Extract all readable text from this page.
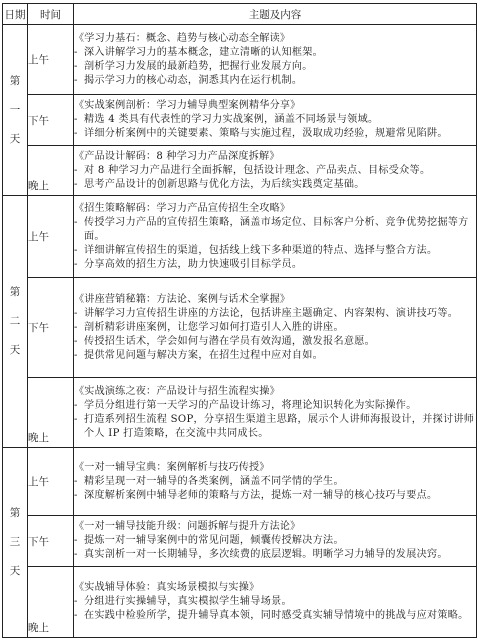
日期	时间	主题及内容

第
一
天	上午	《学习力基石：概念、趋势与核心动态全解读》
- 深入讲解学习力的基本概念，建立清晰的认知框架。
- 剖析学习力发展的最新趋势，把握行业发展方向。
- 揭示学习力的核心动态，洞悉其内在运行机制。

	下午	《实战案例剖析：学习力辅导典型案例精华分享》
- 精选 4 类具有代表性的学习力实战案例，涵盖不同场景与领域。
- 详细分析案例中的关键要素、策略与实施过程，汲取成功经验，规避常见陷阱。

	晚上	《产品设计解码：8 种学习力产品深度拆解》
- 对 8 种学习力产品进行全面拆解，包括设计理念、产品卖点、目标受众等。
- 思考产品设计的创新思路与优化方法，为后续实践奠定基础。

第
二
天	上午	《招生策略解码：学习力产品宣传招生全攻略》
- 传授学习力产品的宣传招生策略，涵盖市场定位、目标客户分析、竞争优势挖掘等方面。
- 详细讲解宣传招生的渠道，包括线上线下多种渠道的特点、选择与整合方法。
- 分享高效的招生方法，助力快速吸引目标学员。

	下午	《讲座营销秘籍：方法论、案例与话术全掌握》
- 讲解学习力宣传招生讲座的方法论，包括讲座主题确定、内容架构、演讲技巧等。
- 剖析精彩讲座案例，让您学习如何打造引人入胜的讲座。
- 传授招生话术，学会如何与潜在学员有效沟通，激发报名意愿。
- 提供常见问题与解决方案，在招生过程中应对自如。

	晚上	《实战演练之夜：产品设计与招生流程实操》
- 学员分组进行第一天学习的产品设计练习，将理论知识转化为实际操作。
- 打造系列招生流程 SOP，分享招生渠道主思路，展示个人讲师海报设计，并探讨讲师个人 IP 打造策略，在交流中共同成长。

第
三
天	上午	《一对一辅导宝典：案例解析与技巧传授》
- 精彩呈现一对一辅导的各类案例，涵盖不同学情的学生。
- 深度解析案例中辅导老师的策略与方法，提炼一对一辅导的核心技巧与要点。

	下午	《一对一辅导技能升级：问题拆解与提升方法论》
- 提炼一对一辅导案例中的常见问题，倾囊传授解决方法。
- 真实剖析一对一长期辅导，多次续费的底层逻辑。明晰学习力辅导的发展决窍。

	晚上	《实战辅导体验：真实场景模拟与实操》
- 分组进行实操辅导，真实模拟学生辅导场景。
- 在实践中检验所学，提升辅导真本领，同时感受真实辅导情境中的挑战与应对策略。
